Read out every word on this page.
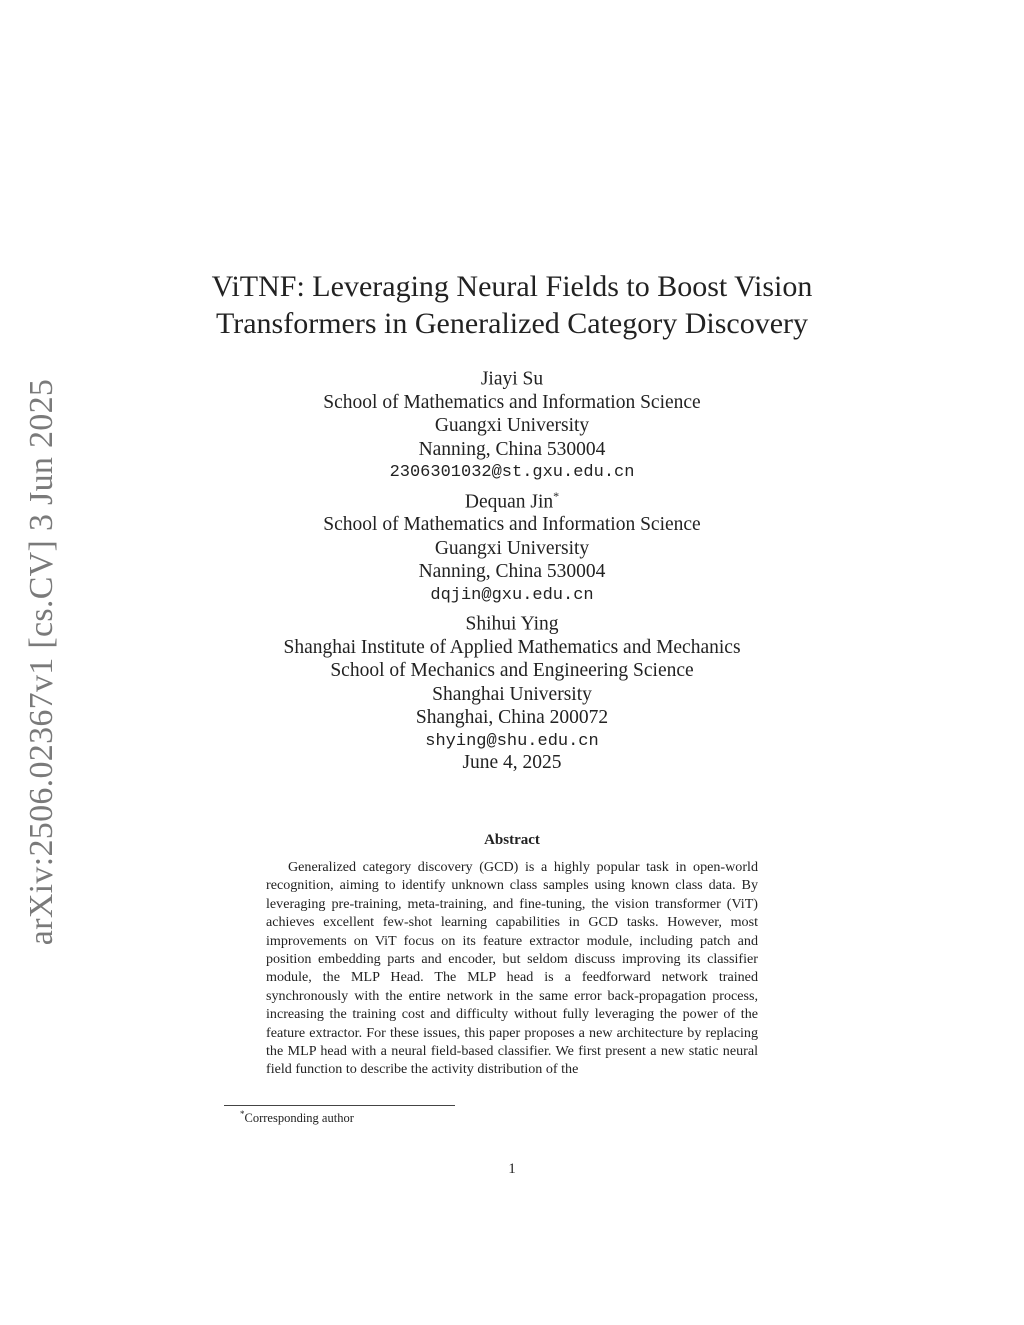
arXiv:2506.02367v1 [cs.CV] 3 Jun 2025
ViTNF: Leveraging Neural Fields to Boost Vision
Transformers in Generalized Category Discovery
Jiayi Su
School of Mathematics and Information Science
Guangxi University
Nanning, China 530004
2306301032@st.gxu.edu.cn
Dequan Jin*
School of Mathematics and Information Science
Guangxi University
Nanning, China 530004
dqjin@gxu.edu.cn
Shihui Ying
Shanghai Institute of Applied Mathematics and Mechanics
School of Mechanics and Engineering Science
Shanghai University
Shanghai, China 200072
shying@shu.edu.cn
June 4, 2025
Abstract

Generalized category discovery (GCD) is a highly popular task in open-world recognition, aiming to identify unknown class samples using known class data. By leveraging pre-training, meta-training, and fine-tuning, the vision transformer (ViT) achieves excellent few-shot learning capabilities in GCD tasks. However, most improvements on ViT focus on its feature extractor module, including patch and position embedding parts and encoder, but seldom discuss improving its classifier module, the MLP Head. The MLP head is a feedforward network trained synchronously with the entire network in the same error back-propagation process, increasing the training cost and difficulty without fully leveraging the power of the feature extractor. For these issues, this paper proposes a new architecture by replacing the MLP head with a neural field-based classifier. We first present a new static neural field function to describe the activity distribution of the

*Corresponding author
1
